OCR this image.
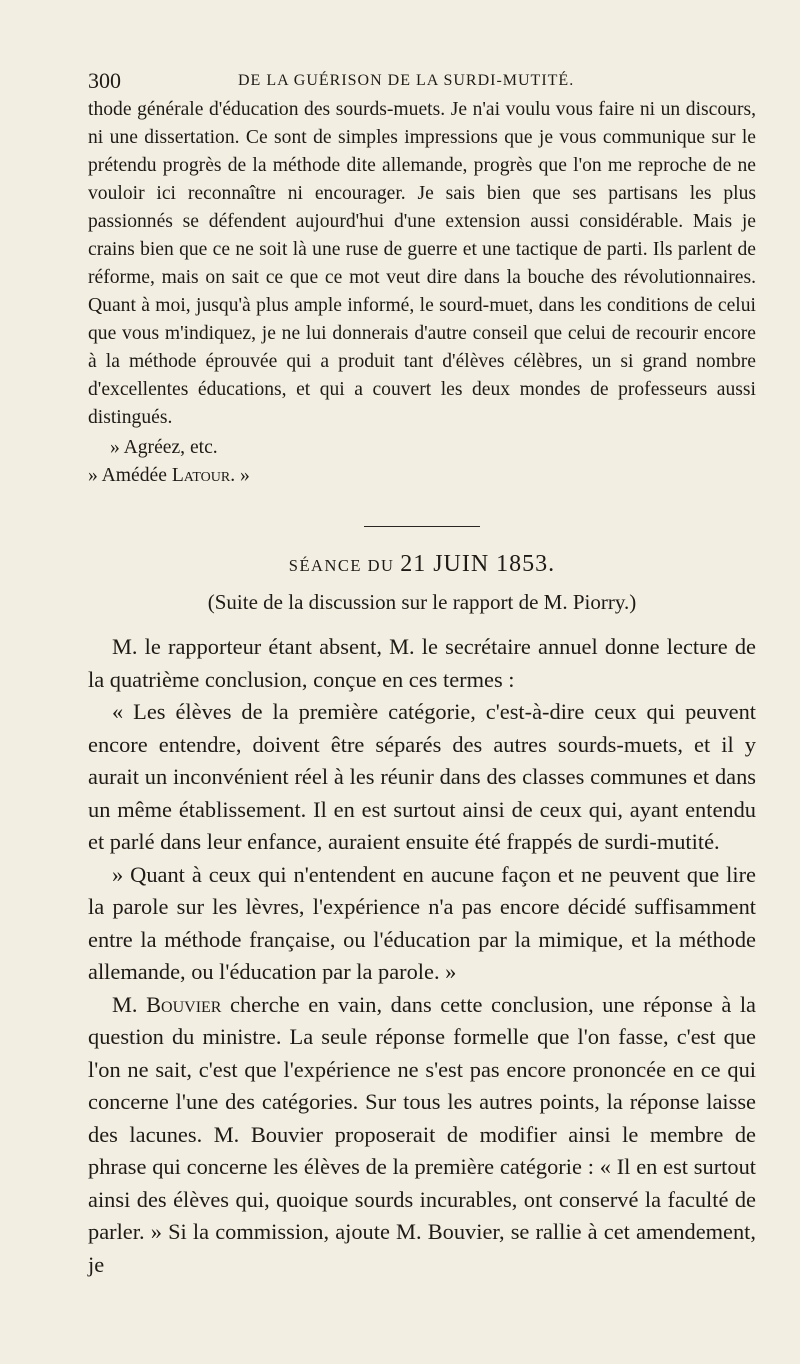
300	DE LA GUÉRISON DE LA SURDI-MUTITÉ.

thode générale d'éducation des sourds-muets. Je n'ai voulu vous faire ni un discours, ni une dissertation. Ce sont de simples impressions que je vous communique sur le prétendu progrès de la méthode dite allemande, progrès que l'on me reproche de ne vouloir ici reconnaître ni encourager. Je sais bien que ses partisans les plus passionnés se défendent aujourd'hui d'une extension aussi considérable. Mais je crains bien que ce ne soit là une ruse de guerre et une tactique de parti. Ils parlent de réforme, mais on sait ce que ce mot veut dire dans la bouche des révolutionnaires. Quant à moi, jusqu'à plus ample informé, le sourd-muet, dans les conditions de celui que vous m'indiquez, je ne lui donnerais d'autre conseil que celui de recourir encore à la méthode éprouvée qui a produit tant d'élèves célèbres, un si grand nombre d'excellentes éducations, et qui a couvert les deux mondes de professeurs aussi distingués.

» Agréez, etc.

» Amédée Latour. »

SÉANCE DU 21 JUIN 1853.
(Suite de la discussion sur le rapport de M. Piorry.)

M. le rapporteur étant absent, M. le secrétaire annuel donne lecture de la quatrième conclusion, conçue en ces termes :

« Les élèves de la première catégorie, c'est-à-dire ceux qui peuvent encore entendre, doivent être séparés des autres sourds-muets, et il y aurait un inconvénient réel à les réunir dans des classes communes et dans un même établissement. Il en est surtout ainsi de ceux qui, ayant entendu et parlé dans leur enfance, auraient ensuite été frappés de surdi-mutité.

» Quant à ceux qui n'entendent en aucune façon et ne peuvent que lire la parole sur les lèvres, l'expérience n'a pas encore décidé suffisamment entre la méthode française, ou l'éducation par la mimique, et la méthode allemande, ou l'éducation par la parole. »

M. Bouvier cherche en vain, dans cette conclusion, une réponse à la question du ministre. La seule réponse formelle que l'on fasse, c'est que l'on ne sait, c'est que l'expérience ne s'est pas encore prononcée en ce qui concerne l'une des catégories. Sur tous les autres points, la réponse laisse des lacunes. M. Bouvier proposerait de modifier ainsi le membre de phrase qui concerne les élèves de la première catégorie : « Il en est surtout ainsi des élèves qui, quoique sourds incurables, ont conservé la faculté de parler. » Si la commission, ajoute M. Bouvier, se rallie à cet amendement, je
